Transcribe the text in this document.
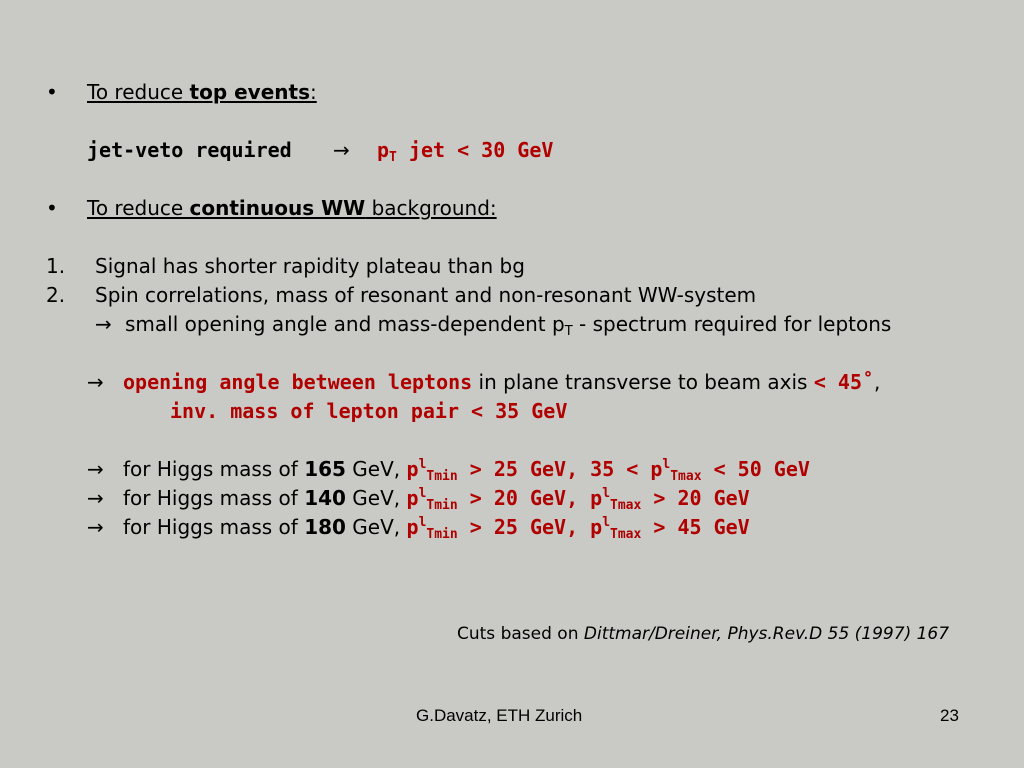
• To reduce top events:
jet-veto required → $p_T$ jet < 30 GeV
• To reduce continuous WW background:
1. Signal has shorter rapidity plateau than bg
2. Spin correlations, mass of resonant and non-resonant WW-system
→ small opening angle and mass-dependent $p_T$ - spectrum required for leptons
→ opening angle between leptons in plane transverse to beam axis < 45˚,
inv. mass of lepton pair < 35 GeV
→ for Higgs mass of 165 GeV, $p^l_{Tmin} > 25$ GeV, $35 < p^l_{Tmax} < 50$ GeV
→ for Higgs mass of 140 GeV, $p^l_{Tmin} > 20$ GeV, $p^l_{Tmax} > 20$ GeV
→ for Higgs mass of 180 GeV, $p^l_{Tmin} > 25$ GeV, $p^l_{Tmax} > 45$ GeV
Cuts based on Dittmar/Dreiner, Phys.Rev.D 55 (1997) 167
G.Davatz, ETH Zurich	23
